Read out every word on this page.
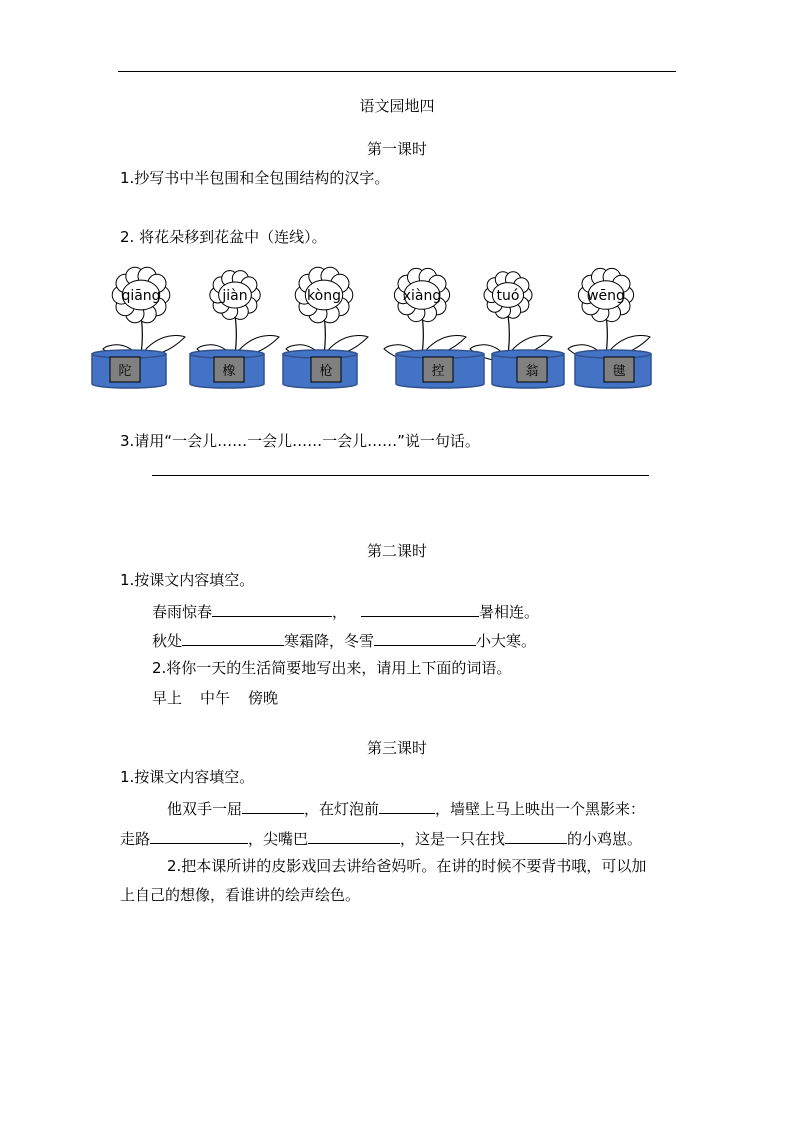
语文园地四
第一课时
1.抄写书中半包围和全包围结构的汉字。
2. 将花朵移到花盆中（连线）。
qiāng	jiàn	kòng	xiàng	tuó	wēng
陀	橡	枪	控	翁	毽
3.请用“一会儿……一会儿……一会儿……”说一句话。
第二课时
1.按课文内容填空。
春雨惊春	，	暑相连。
秋处	寒霜降，冬雪	小大寒。
2.将你一天的生活简要地写出来，请用上下面的词语。
早上 中午 傍晚
第三课时
1.按课文内容填空。
他双手一屈	，在灯泡前	，墙壁上马上映出一个黑影来：
走路	，尖嘴巴	，这是一只在找	的小鸡崽。
2.把本课所讲的皮影戏回去讲给爸妈听。在讲的时候不要背书哦，可以加
上自己的想像，看谁讲的绘声绘色。
